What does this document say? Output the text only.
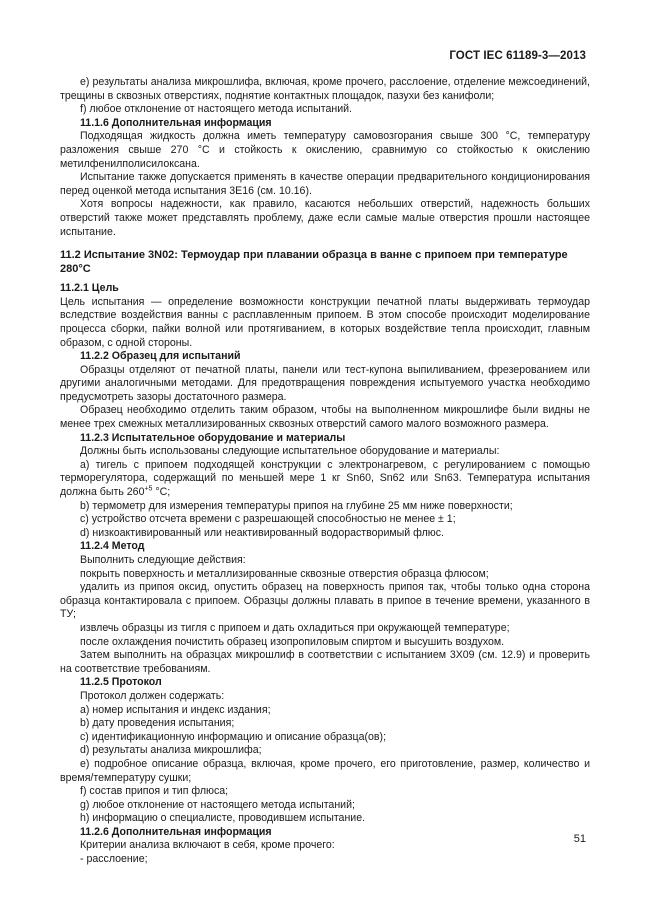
ГОСТ IEC 61189-3—2013

e) результаты анализа микрошлифа, включая, кроме прочего, расслоение, отделение межсоединений, трещины в сквозных отверстиях, поднятие контактных площадок, пазухи без канифоли;

f) любое отклонение от настоящего метода испытаний.

11.1.6 Дополнительная информация

Подходящая жидкость должна иметь температуру самовозгорания свыше 300 °С, температуру разложения свыше 270 °С и стойкость к окислению, сравнимую со стойкостью к окислению метилфенилполисилоксана.

Испытание также допускается применять в качестве операции предварительного кондиционирования перед оценкой метода испытания 3Е16 (см. 10.16).

Хотя вопросы надежности, как правило, касаются небольших отверстий, надежность больших отверстий также может представлять проблему, даже если самые малые отверстия прошли настоящее испытание.

11.2 Испытание 3N02: Термоудар при плавании образца в ванне с припоем при температуре 280°С

11.2.1 Цель

Цель испытания — определение возможности конструкции печатной платы выдерживать термоудар вследствие воздействия ванны с расплавленным припоем. В этом способе происходит моделирование процесса сборки, пайки волной или протягиванием, в которых воздействие тепла происходит, главным образом, с одной стороны.

11.2.2 Образец для испытаний

Образцы отделяют от печатной платы, панели или тест-купона выпиливанием, фрезерованием или другими аналогичными методами. Для предотвращения повреждения испытуемого участка необходимо предусмотреть зазоры достаточного размера.

Образец необходимо отделить таким образом, чтобы на выполненном микрошлифе были видны не менее трех смежных металлизированных сквозных отверстий самого малого возможного размера.

11.2.3 Испытательное оборудование и материалы

Должны быть использованы следующие испытательное оборудование и материалы:

а) тигель с припоем подходящей конструкции с электронагревом, с регулированием с помощью терморегулятора, содержащий по меньшей мере 1 кг Sn60, Sn62 или Sn63. Температура испытания должна быть $260^{+5}$ °С;

b) термометр для измерения температуры припоя на глубине 25 мм ниже поверхности;

с) устройство отсчета времени с разрешающей способностью не менее ± 1;

d) низкоактивированный или неактивированный водорастворимый флюс.

11.2.4 Метод

Выполнить следующие действия:

покрыть поверхность и металлизированные сквозные отверстия образца флюсом;

удалить из припоя оксид, опустить образец на поверхность припоя так, чтобы только одна сторона образца контактировала с припоем. Образцы должны плавать в припое в течение времени, указанного в ТУ;

извлечь образцы из тигля с припоем и дать охладиться при окружающей температуре;

после охлаждения почистить образец изопропиловым спиртом и высушить воздухом.

Затем выполнить на образцах микрошлиф в соответствии с испытанием 3Х09 (см. 12.9) и проверить на соответствие требованиям.

11.2.5 Протокол

Протокол должен содержать:

а) номер испытания и индекс издания;

b) дату проведения испытания;

с) идентификационную информацию и описание образца(ов);

d) результаты анализа микрошлифа;

е) подробное описание образца, включая, кроме прочего, его приготовление, размер, количество и время/температуру сушки;

f) состав припоя и тип флюса;

g) любое отклонение от настоящего метода испытаний;

h) информацию о специалисте, проводившем испытание.

11.2.6 Дополнительная информация

Критерии анализа включают в себя, кроме прочего:

- расслоение;

51
